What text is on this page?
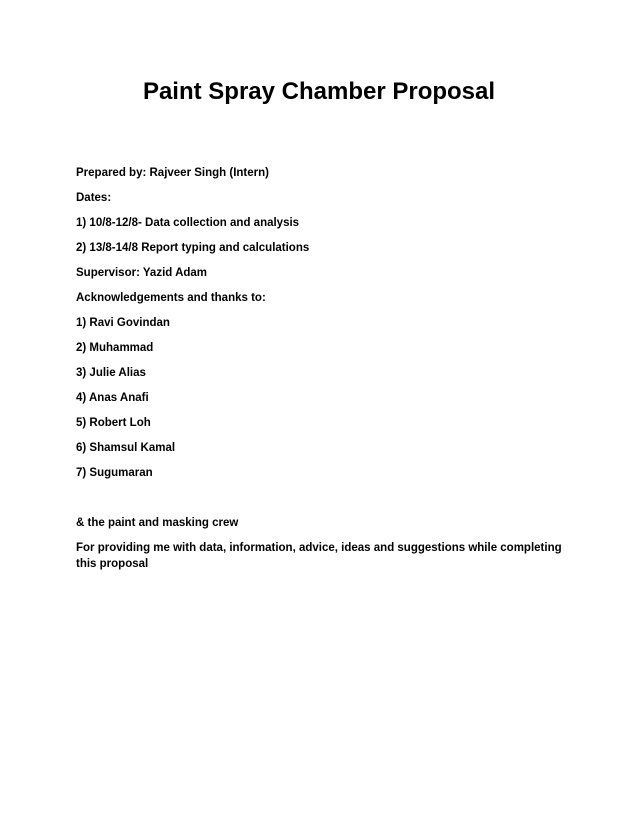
Paint Spray Chamber Proposal
Prepared by: Rajveer Singh (Intern)
Dates:
1) 10/8-12/8- Data collection and analysis
2) 13/8-14/8 Report typing and calculations
Supervisor: Yazid Adam
Acknowledgements and thanks to:
1) Ravi Govindan
2) Muhammad
3) Julie Alias
4) Anas Anafi
5) Robert Loh
6) Shamsul Kamal
7) Sugumaran
& the paint and masking crew
For providing me with data, information, advice, ideas and suggestions while completing this proposal
